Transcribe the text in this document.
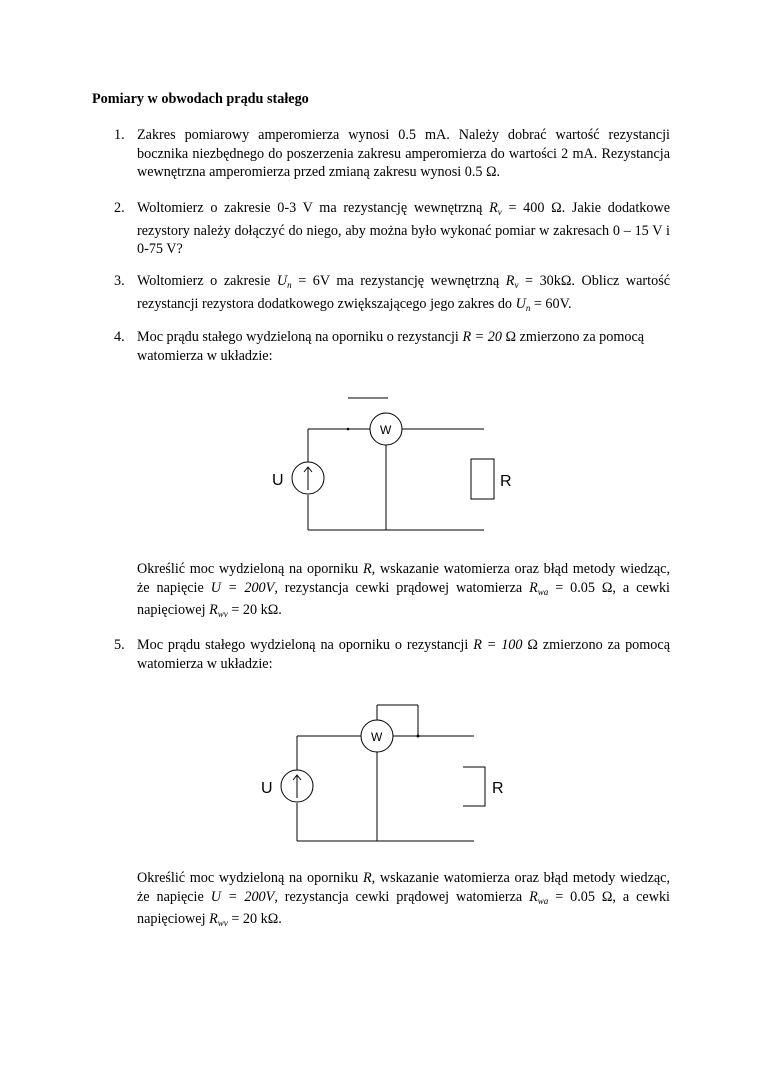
Pomiary w obwodach prądu stałego
1. Zakres pomiarowy amperomierza wynosi 0.5 mA. Należy dobrać wartość rezystancji bocznika niezbędnego do poszerzenia zakresu amperomierza do wartości 2 mA. Rezystancja wewnętrzna amperomierza przed zmianą zakresu wynosi 0.5 Ω.
2. Woltomierz o zakresie 0-3 V ma rezystancję wewnętrzną $R_v = 400$ Ω. Jakie dodatkowe rezystory należy dołączyć do niego, aby można było wykonać pomiar w zakresach 0 – 15 V i 0-75 V?
3. Woltomierz o zakresie $U_n = 6V$ ma rezystancję wewnętrzną $R_v = 30k\Omega$. Oblicz wartość rezystancji rezystora dodatkowego zwiększającego jego zakres do $U_n = 60V$.
4. Moc prądu stałego wydzieloną na oporniku o rezystancji R = 20 Ω zmierzono za pomocą watomierza w układzie:
U
W
R
Określić moc wydzieloną na oporniku R, wskazanie watomierza oraz błąd metody wiedząc, że napięcie U = 200V, rezystancja cewki prądowej watomierza $R_{wa} = 0.05$ Ω, a cewki napięciowej $R_{wv} = 20$ kΩ.
5. Moc prądu stałego wydzieloną na oporniku o rezystancji R = 100 Ω zmierzono za pomocą watomierza w układzie:
U
W
R
Określić moc wydzieloną na oporniku R, wskazanie watomierza oraz błąd metody wiedząc, że napięcie U = 200V, rezystancja cewki prądowej watomierza $R_{wa} = 0.05$ Ω, a cewki napięciowej $R_{wv} = 20$ kΩ.
